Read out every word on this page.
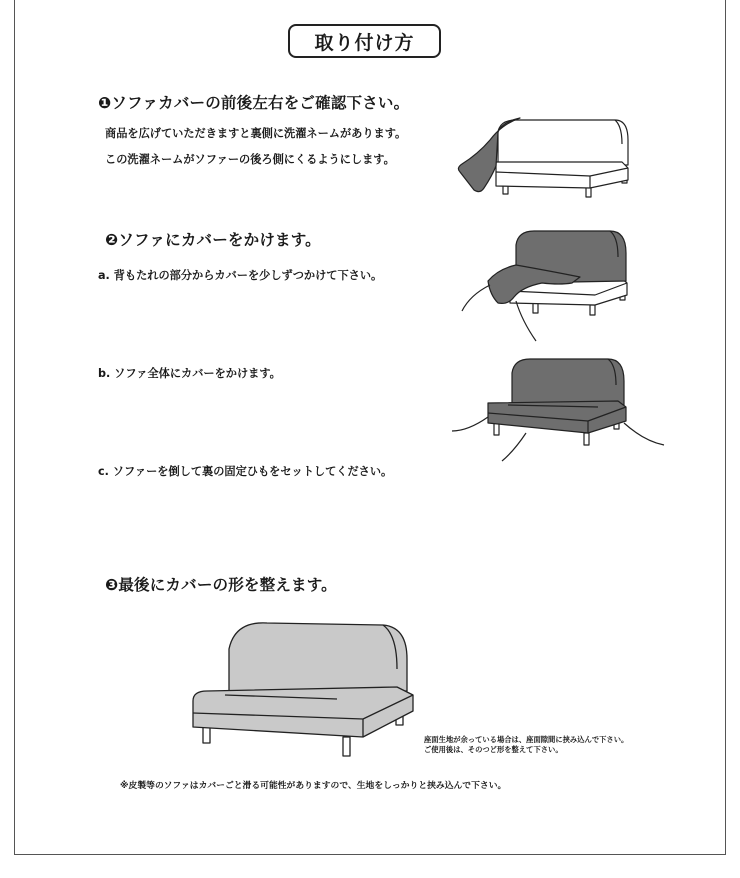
取り付け方
❶ソファカバーの前後左右をご確認下さい。
商品を広げていただきますと裏側に洗濯ネームがあります。
この洗濯ネームがソファーの後ろ側にくるようにします。
❷ソファにカバーをかけます。
a. 背もたれの部分からカバーを少しずつかけて下さい。
b. ソファ全体にカバーをかけます。
c. ソファーを倒して裏の固定ひもをセットしてください。
❸最後にカバーの形を整えます。
座面生地が余っている場合は、座面隙間に挟み込んで下さい。
ご使用後は、そのつど形を整えて下さい。
※皮製等のソファはカバーごと滑る可能性がありますので、生地をしっかりと挟み込んで下さい。
